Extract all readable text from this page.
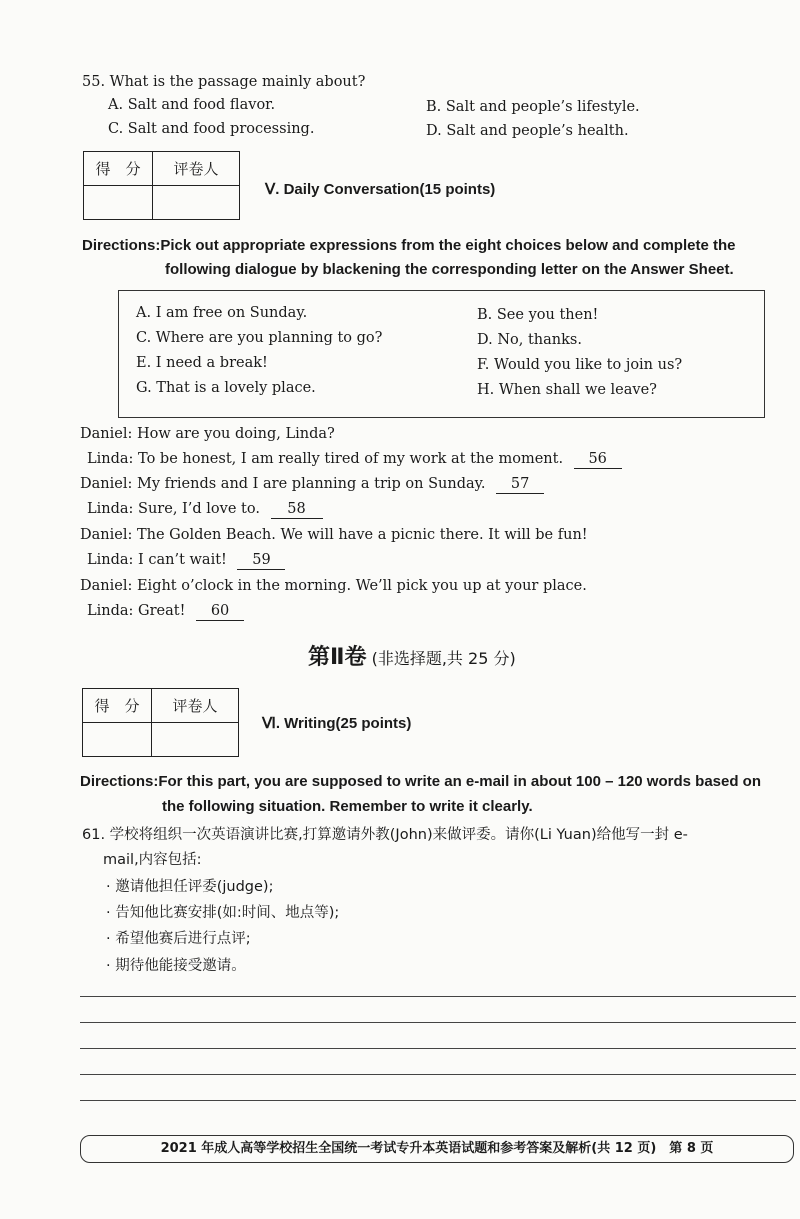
55. What is the passage mainly about?
A. Salt and food flavor.	B. Salt and people’s lifestyle.
C. Salt and food processing.	D. Salt and people’s health.
得　分	评卷人

Ⅴ. Daily Conversation(15 points)
Directions:Pick out appropriate expressions from the eight choices below and complete the
following dialogue by blackening the corresponding letter on the Answer Sheet.
A. I am free on Sunday.	B. See you then!
C. Where are you planning to go?	D. No, thanks.
E. I need a break!	F. Would you like to join us?
G. That is a lovely place.	H. When shall we leave?
Daniel: How are you doing, Linda?
Linda: To be honest, I am really tired of my work at the moment. 56
Daniel: My friends and I are planning a trip on Sunday. 57
Linda: Sure, I’d love to. 58
Daniel: The Golden Beach. We will have a picnic there. It will be fun!
Linda: I can’t wait! 59
Daniel: Eight o’clock in the morning. We’ll pick you up at your place.
Linda: Great! 60
第Ⅱ卷 (非选择题,共 25 分)
得　分	评卷人

Ⅵ. Writing(25 points)
Directions:For this part, you are supposed to write an e-mail in about 100 – 120 words based on
the following situation. Remember to write it clearly.
61. 学校将组织一次英语演讲比赛,打算邀请外教(John)来做评委。请你(Li Yuan)给他写一封 e-
mail,内容包括:
· 邀请他担任评委(judge);
· 告知他比赛安排(如:时间、地点等);
· 希望他赛后进行点评;
· 期待他能接受邀请。
2021 年成人高等学校招生全国统一考试专升本英语试题和参考答案及解析(共 12 页)　第 8 页
